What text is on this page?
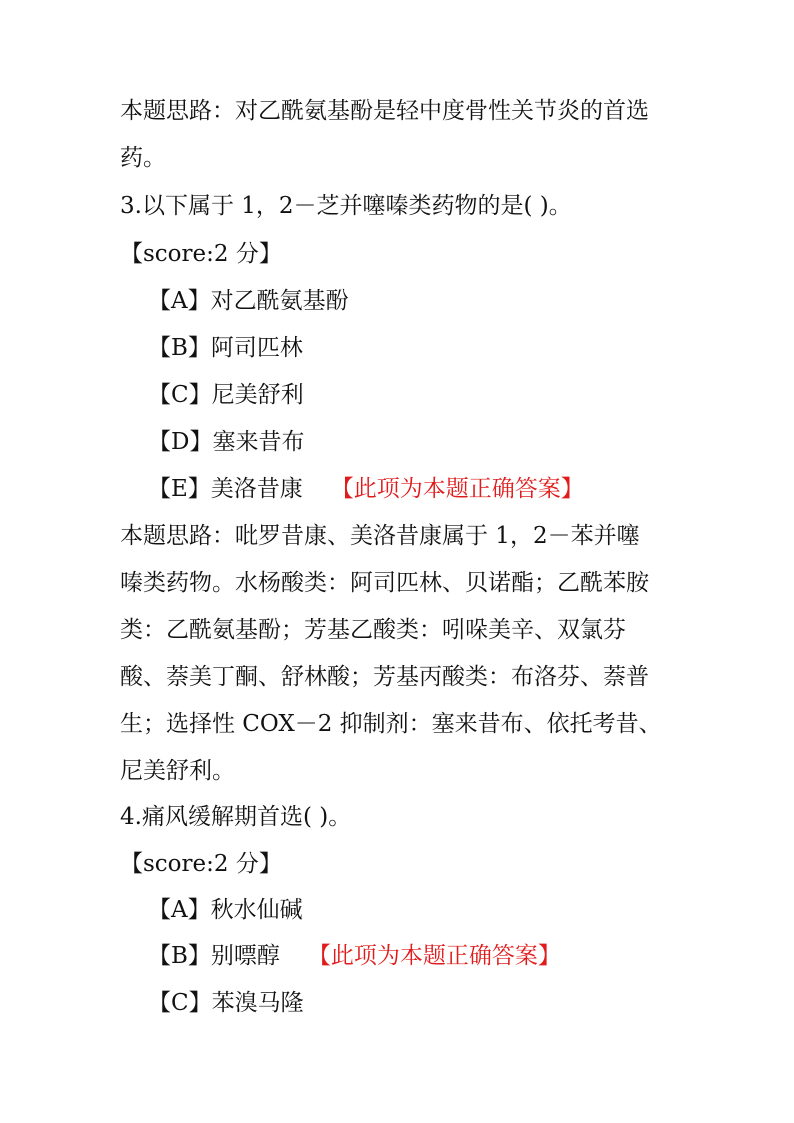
本题思路：对乙酰氨基酚是轻中度骨性关节炎的首选
药。
3.以下属于 1，2－芝并噻嗪类药物的是( )。
【score:2 分】
【A】对乙酰氨基酚
【B】阿司匹林
【C】尼美舒利
【D】塞来昔布
【E】美洛昔康 【此项为本题正确答案】
本题思路：吡罗昔康、美洛昔康属于 1，2－苯并噻
嗪类药物。水杨酸类：阿司匹林、贝诺酯；乙酰苯胺
类：乙酰氨基酚；芳基乙酸类：吲哚美辛、双氯芬
酸、萘美丁酮、舒林酸；芳基丙酸类：布洛芬、萘普
生；选择性 COX－2 抑制剂：塞来昔布、依托考昔、
尼美舒利。
4.痛风缓解期首选( )。
【score:2 分】
【A】秋水仙碱
【B】别嘌醇 【此项为本题正确答案】
【C】苯溴马隆
